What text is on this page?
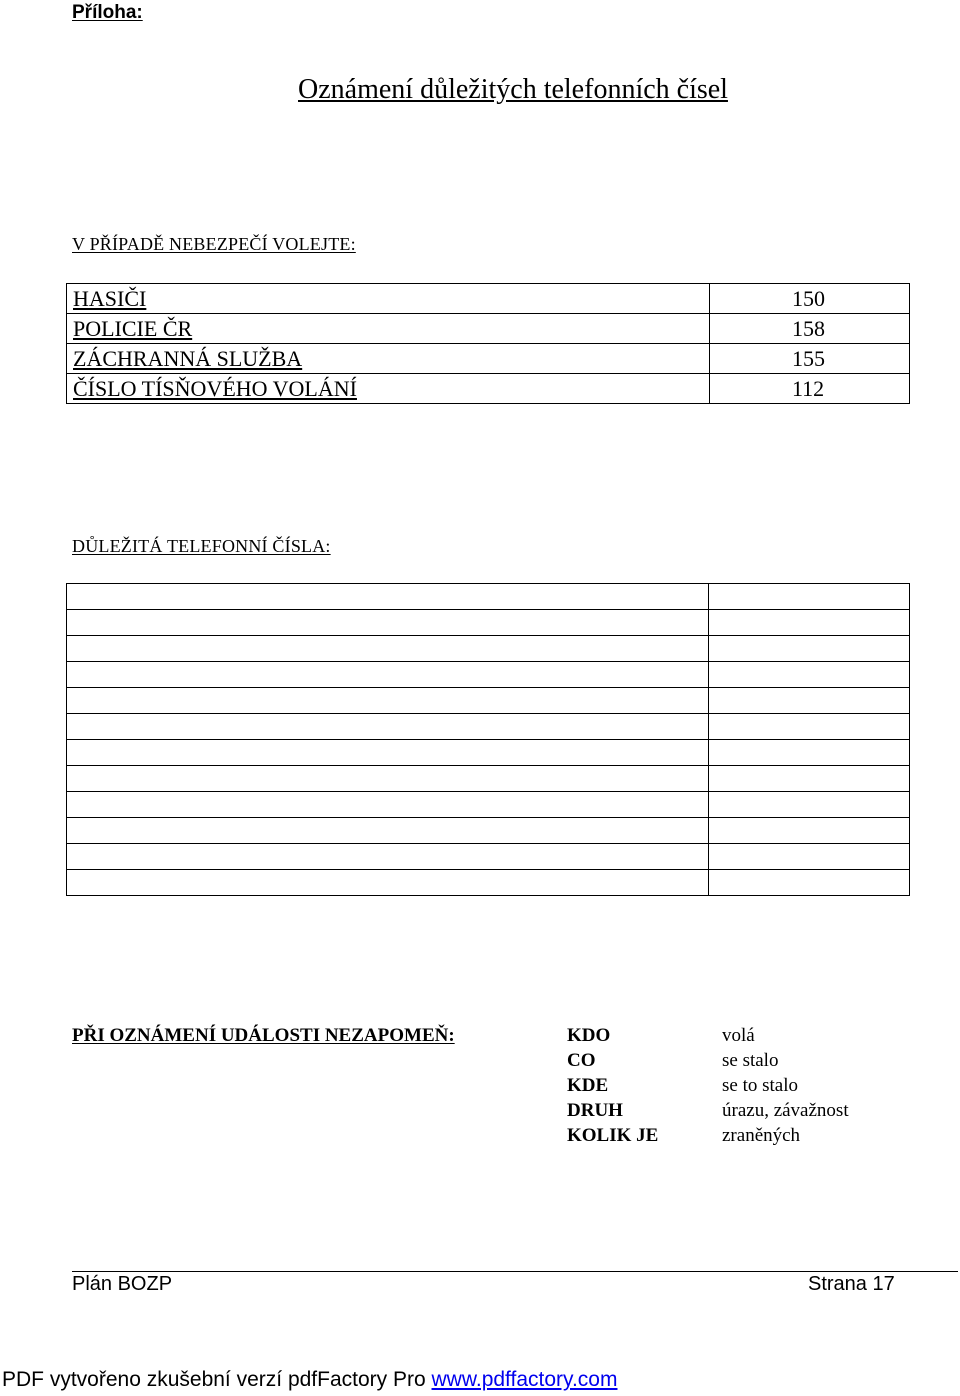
Příloha:
Oznámení důležitých telefonních čísel
V PŘÍPADĚ NEBEZPEČÍ VOLEJTE:
HASIČI	150
POLICIE ČR	158
ZÁCHRANNÁ SLUŽBA	155
ČÍSLO TÍSŇOVÉHO VOLÁNÍ	112
DŮLEŽITÁ TELEFONNÍ ČÍSLA:

PŘI OZNÁMENÍ UDÁLOSTI NEZAPOMEŇ:	KDO	volá
CO	se stalo
KDE	se to stalo
DRUH	úrazu, závažnost
KOLIK JE	zraněných
Plán BOZP	Strana 17
PDF vytvořeno zkušební verzí pdfFactory Pro www.pdffactory.com
